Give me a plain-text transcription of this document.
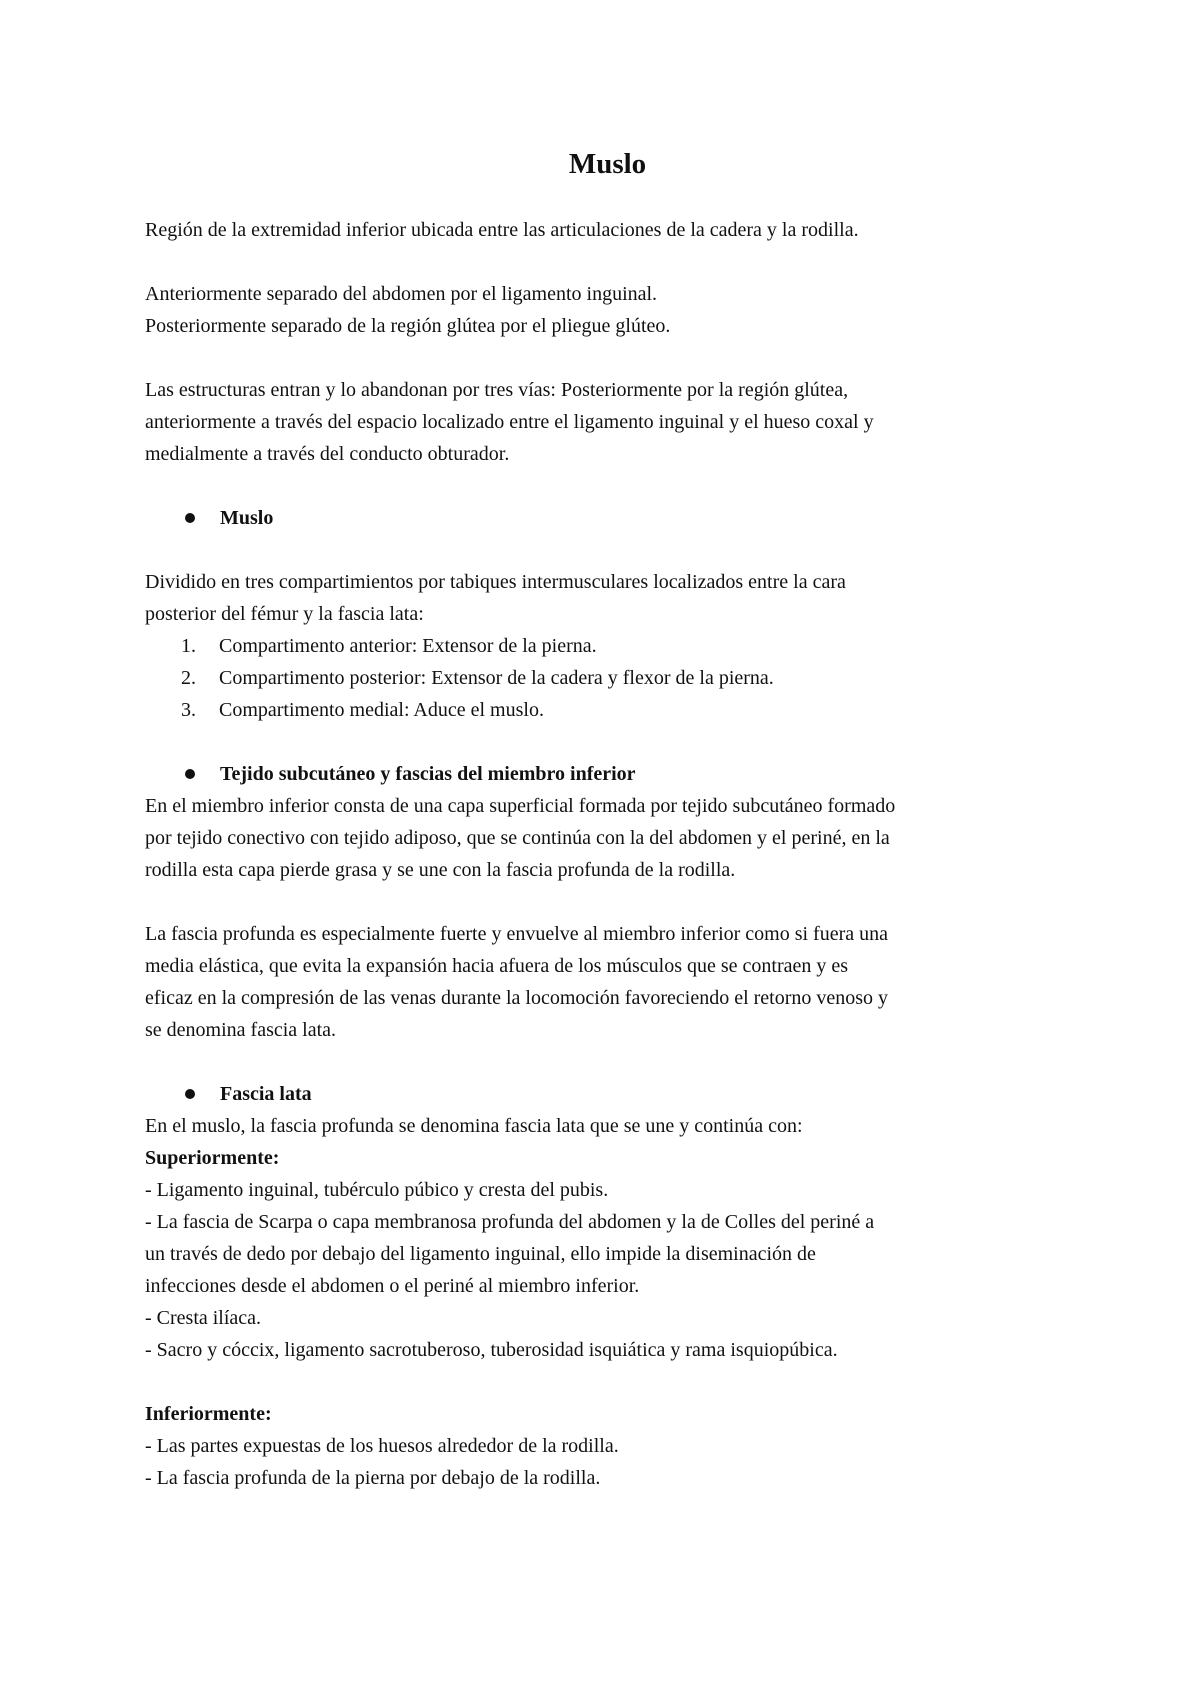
Muslo

Región de la extremidad inferior ubicada entre las articulaciones de la cadera y la rodilla.

Anteriormente separado del abdomen por el ligamento inguinal.

Posteriormente separado de la región glútea por el pliegue glúteo.

Las estructuras entran y lo abandonan por tres vías: Posteriormente por la región glútea,

anteriormente a través del espacio localizado entre el ligamento inguinal y el hueso coxal y

medialmente a través del conducto obturador.

Muslo

Dividido en tres compartimientos por tabiques intermusculares localizados entre la cara

posterior del fémur y la fascia lata:

1.	Compartimento anterior: Extensor de la pierna.
2.	Compartimento posterior: Extensor de la cadera y flexor de la pierna.
3.	Compartimento medial: Aduce el muslo.
Tejido subcutáneo y fascias del miembro inferior

En el miembro inferior consta de una capa superficial formada por tejido subcutáneo formado

por tejido conectivo con tejido adiposo, que se continúa con la del abdomen y el periné, en la

rodilla esta capa pierde grasa y se une con la fascia profunda de la rodilla.

La fascia profunda es especialmente fuerte y envuelve al miembro inferior como si fuera una

media elástica, que evita la expansión hacia afuera de los músculos que se contraen y es

eficaz en la compresión de las venas durante la locomoción favoreciendo el retorno venoso y

se denomina fascia lata.

Fascia lata

En el muslo, la fascia profunda se denomina fascia lata que se une y continúa con:

Superiormente:

- Ligamento inguinal, tubérculo púbico y cresta del pubis.

- La fascia de Scarpa o capa membranosa profunda del abdomen y la de Colles del periné a

un través de dedo por debajo del ligamento inguinal, ello impide la diseminación de

infecciones desde el abdomen o el periné al miembro inferior.

- Cresta ilíaca.

- Sacro y cóccix, ligamento sacrotuberoso, tuberosidad isquiática y rama isquiopúbica.

Inferiormente:

- Las partes expuestas de los huesos alrededor de la rodilla.

- La fascia profunda de la pierna por debajo de la rodilla.
